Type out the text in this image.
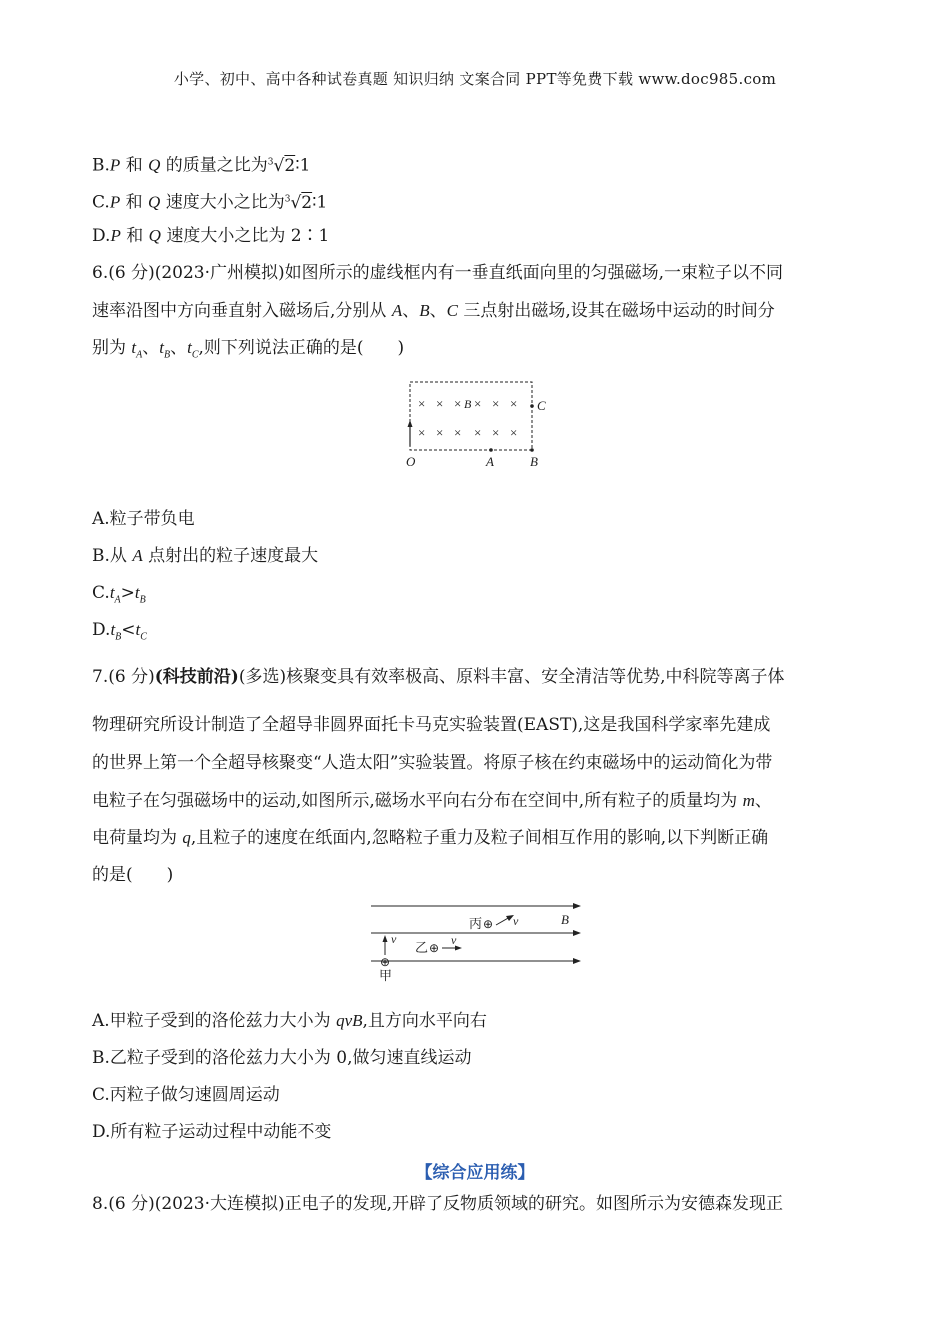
小学、初中、高中各种试卷真题 知识归纳 文案合同 PPT等免费下载 www.doc985.com
B.P 和 Q 的质量之比为$^3$√2∶1
C.P 和 Q 速度大小之比为$^3$√2∶1
D.P 和 Q 速度大小之比为 2∶1
6.(6 分)(2023·广州模拟)如图所示的虚线框内有一垂直纸面向里的匀强磁场,一束粒子以不同
速率沿图中方向垂直射入磁场后,分别从 A、B、C 三点射出磁场,设其在磁场中运动的时间分
别为 $t_A$、$t_B$、$t_C$,则下列说法正确的是(　　)
× × × × × ×
× × × × × ×
B
O	A	B
C
A.粒子带负电
B.从 A 点射出的粒子速度最大
$C.t_A>t_B$
$D.t_B<t_C$
7.(6 分)(科技前沿)(多选)核聚变具有效率极高、原料丰富、安全清洁等优势,中科院等离子体
物理研究所设计制造了全超导非圆界面托卡马克实验装置(EAST),这是我国科学家率先建成
的世界上第一个全超导核聚变“人造太阳”实验装置。将原子核在约束磁场中的运动简化为带
电粒子在匀强磁场中的运动,如图所示,磁场水平向右分布在空间中,所有粒子的质量均为 m、
电荷量均为 q,且粒子的速度在纸面内,忽略粒子重力及粒子间相互作用的影响,以下判断正确
的是(　　)
B
丙 ⊕ v
乙 ⊕
v
⊕
v
甲
A.甲粒子受到的洛伦兹力大小为 qvB,且方向水平向右
B.乙粒子受到的洛伦兹力大小为 0,做匀速直线运动
C.丙粒子做匀速圆周运动
D.所有粒子运动过程中动能不变
【综合应用练】
8.(6 分)(2023·大连模拟)正电子的发现,开辟了反物质领域的研究。如图所示为安德森发现正
